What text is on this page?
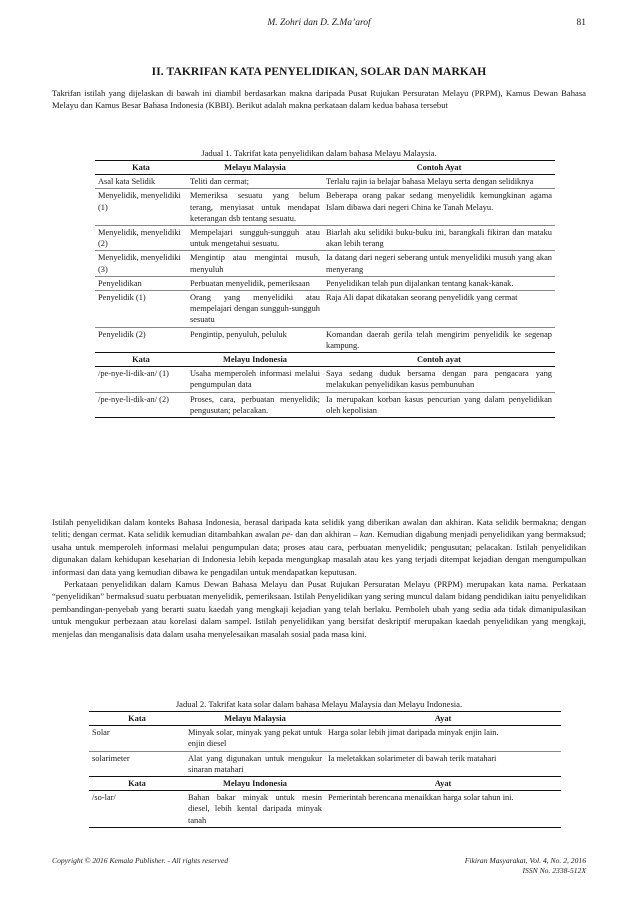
M. Zohri dan D. Z.Ma’arof	81
II. TAKRIFAN KATA PENYELIDIKAN, SOLAR DAN MARKAH

Takrifan istilah yang dijelaskan di bawah ini diambil berdasarkan makna daripada Pusat Rujukan Persuratan Melayu (PRPM), Kamus Dewan Bahasa Melayu dan Kamus Besar Bahasa Indonesia (KBBI). Berikut adalah makna perkataan dalam kedua bahasa tersebut

Jadual 1. Takrifat kata penyelidikan dalam bahasa Melayu Malaysia.
Kata	Melayu Malaysia	Contoh Ayat
Asal kata Selidik	Teliti dan cermat;	Terlalu rajin ia belajar bahasa Melayu serta dengan selidiknya
Menyelidik, menyelidiki (1)	Memeriksa sesuatu yang belum terang, menyiasat untuk mendapat keterangan dsb tentang sesuatu.	Beberapa orang pakar sedang menyelidik kemungkinan agama Islam dibawa dari negeri China ke Tanah Melayu.
Menyelidik, menyelidiki (2)	Mempelajari sungguh-sungguh atau untuk mengetahui sesuatu.	Biarlah aku selidiki buku-buku ini, barangkali fikiran dan mataku akan lebih terang
Menyelidik, menyelidiki (3)	Mengintip atau mengintai musuh, menyuluh	Ia datang dari negeri seberang untuk menyelidiki musuh yang akan menyerang
Penyelidikan	Perbuatan menyelidik, pemeriksaan	Penyelidikan telah pun dijalankan tentang kanak-kanak.
Penyelidik (1)	Orang yang menyelidiki atau mempelajari dengan sungguh-sungguh sesuatu	Raja Ali dapat dikatakan seorang penyelidik yang cermat
Penyelidik (2)	Pengintip, penyuluh, peluluk	Komandan daerah gerila telah mengirim penyelidik ke segenap kampung.
Kata	Melayu Indonesia	Contoh ayat
/pe-nye-li-dik-an/ (1)	Usaha memperoleh informasi melalui pengumpulan data	Saya sedang duduk bersama dengan para pengacara yang melakukan penyelidikan kasus pembunuhan
/pe-nye-li-dik-an/ (2)	Proses, cara, perbuatan menyelidik; pengusutan; pelacakan.	Ia merupakan korban kasus pencurian yang dalam penyelidikan oleh kepolisian

Istilah penyelidikan dalam konteks Bahasa Indonesia, berasal daripada kata selidik yang diberikan awalan dan akhiran. Kata selidik bermakna; dengan teliti; dengan cermat. Kata selidik kemudian ditambahkan awalan pe- dan dan akhiran – kan. Kemudian digabung menjadi penyelidikan yang bermaksud; usaha untuk memperoleh informasi melalui pengumpulan data; proses atau cara, perbuatan menyelidik; pengusutan; pelacakan. Istilah penyelidikan digunakan dalam kehidupan keseharian di Indonesia lebih kepada mengungkap masalah atau kes yang terjadi ditempat kejadian dengan mengumpulkan informasi dan data yang kemudian dibawa ke pengadilan untuk mendapatkan keputusan.

Perkataan penyelidikan dalam Kamus Dewan Bahasa Melayu dan Pusat Rujukan Persuratan Melayu (PRPM) merupakan kata nama. Perkataan “penyelidikan” bermaksud suatu perbuatan menyelidik, pemeriksaan. Istilah Penyelidikan yang sering muncul dalam bidang pendidikan iaitu penyelidikan pembandingan-penyebab yang berarti suatu kaedah yang mengkaji kejadian yang telah berlaku. Pemboleh ubah yang sedia ada tidak dimanipulasikan untuk mengukur perbezaan atau korelasi dalam sampel. Istilah penyelidikan yang bersifat deskriptif merupakan kaedah penyelidikan yang mengkaji, menjelas dan menganalisis data dalam usaha menyelesaikan masalah sosial pada masa kini.

Jadual 2. Takrifat kata solar dalam bahasa Melayu Malaysia dan Melayu Indonesia.
Kata	Melayu Malaysia	Ayat
Solar	Minyak solar, minyak yang pekat untuk enjin diesel	Harga solar lebih jimat daripada minyak enjin lain.
solarimeter	Alat yang digunakan untuk mengukur sinaran matahari	Ia meletakkan solarimeter di bawah terik matahari
Kata	Melayu Indonesia	Ayat
/so-lar/	Bahan bakar minyak untuk mesin diesel, lebih kental daripada minyak tanah	Pemerintah berencana menaikkan harga solar tahun ini.
Copyright © 2016 Kemala Publisher. - All rights reserved	Fikiran Masyarakat, Vol. 4, No. 2, 2016
ISSN No. 2338-512X
